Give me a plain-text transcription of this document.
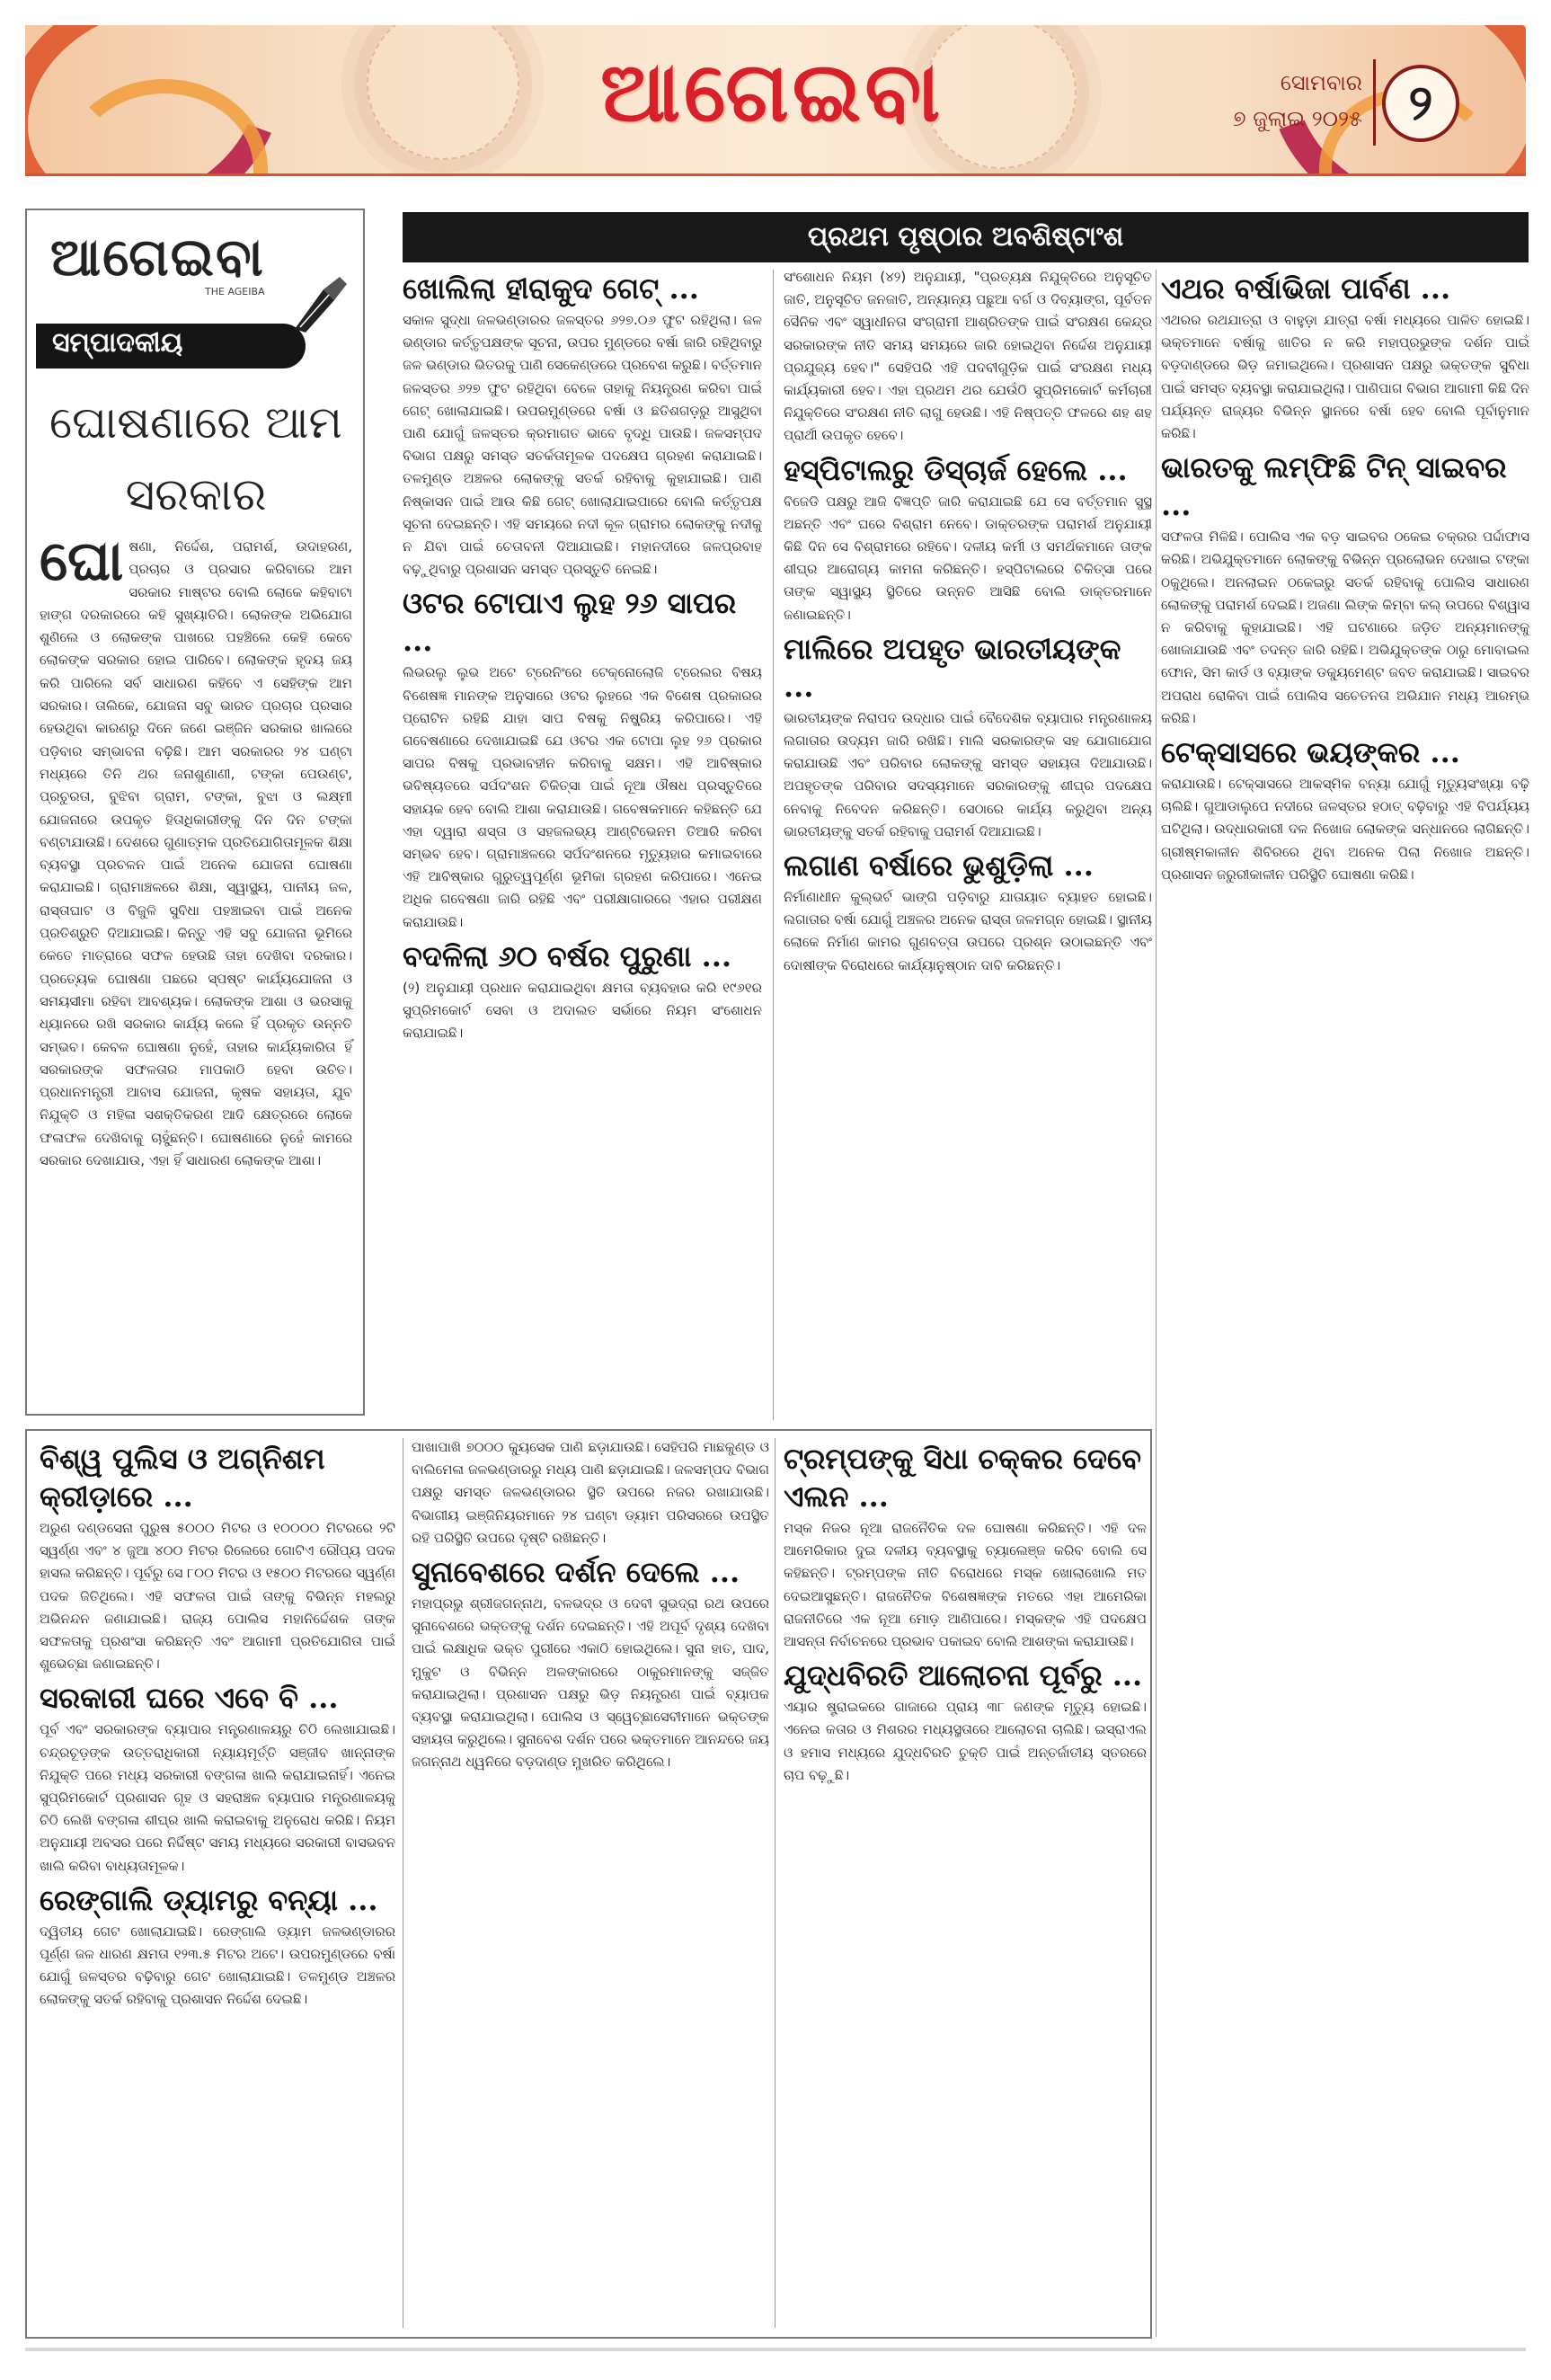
ଆଗେଇବା	ସୋମବାର
୭ ଜୁଲାଇ ୨୦୨୫ ୨
ଆଗେଇବା
THE AGEIBA
ସମ୍ପାଦକୀୟ
ଘୋଷଣାରେ ଆମ ସରକାର
ଘୋ ଷଣା, ନିର୍ଦ୍ଦେଶ, ପରାମର୍ଶ, ଉଦାହରଣ, ପ୍ରଚାର ଓ ପ୍ରସାର କରିବାରେ ଆମ ସରକାର ମାଷ୍ଟର ବୋଲି ଲୋକେ କହିବାଟା ହାଙ୍ଗ ଦରକାରରେ କହି ସୁଖ୍ୟାତିରି। ଲୋକଙ୍କ ଅଭିଯୋଗ ଶୁଣିଲେ ଓ ଲୋକଙ୍କ ପାଖରେ ପହଞ୍ଚିଲେ କେହି କେବେ ଲୋକଙ୍କ ସରକାର ହୋଇ ପାରିବେ। ଲୋକଙ୍କ ହୃଦୟ ଜୟ କରି ପାରିଲେ ସର୍ବ ସାଧାରଣ କହିବେ ଏ ସେହିଙ୍କ ଆମ ସରକାର। ତାଲିକେ, ଯୋଜନା ସବୁ ଭାରତ ପ୍ରଚାର ପ୍ରସାର ହେଉଥିବା କାରଣରୁ ଦିନେ ଜଣେ ଇଞ୍ଜିନ ସରକାର ଖାଲରେ ପଡ଼ିବାର ସମ୍ଭାବନା ବଢ଼ିଛି। ଆମ ସରକାରର ୨୪ ଘଣ୍ଟା ମଧ୍ୟରେ ତିନି ଥର ଜନାଶୁଣାଣୀ, ଟଙ୍କା ପେଉଣ୍ଟ, ପ୍ରଚୁରତା, ବୁଝିବା ଗ୍ରାମ, ଟଙ୍କା, ବୁଝା ଓ ଲକ୍ଷ୍ମୀ ଯୋଜନାରେ ଉପକୃତ ହିତାଧିକାରୀଙ୍କୁ ଦିନ ଦିନ ଟଙ୍କା ବଣ୍ଟାଯାଉଛି। ଦେଶରେ ଗୁଣାତ୍ମକ ପ୍ରତିଯୋଗିତାମୂଳକ ଶିକ୍ଷା ବ୍ୟବସ୍ଥା ପ୍ରଚଳନ ପାଇଁ ଅନେକ ଯୋଜନା ଘୋଷଣା କରାଯାଇଛି। ଗ୍ରାମାଞ୍ଚଳରେ ଶିକ୍ଷା, ସ୍ୱାସ୍ଥ୍ୟ, ପାନୀୟ ଜଳ, ରାସ୍ତାଘାଟ ଓ ବିଜୁଳି ସୁବିଧା ପହଞ୍ଚାଇବା ପାଇଁ ଅନେକ ପ୍ରତିଶ୍ରୁତି ଦିଆଯାଇଛି। କିନ୍ତୁ ଏହି ସବୁ ଯୋଜନା ଭୂମିରେ କେତେ ମାତ୍ରାରେ ସଫଳ ହେଉଛି ତାହା ଦେଖିବା ଦରକାର। ପ୍ରତ୍ୟେକ ଘୋଷଣା ପଛରେ ସ୍ପଷ୍ଟ କାର୍ଯ୍ୟଯୋଜନା ଓ ସମୟସୀମା ରହିବା ଆବଶ୍ୟକ। ଲୋକଙ୍କ ଆଶା ଓ ଭରସାକୁ ଧ୍ୟାନରେ ରଖି ସରକାର କାର୍ଯ୍ୟ କଲେ ହିଁ ପ୍ରକୃତ ଉନ୍ନତି ସମ୍ଭବ। କେବଳ ଘୋଷଣା ନୁହେଁ, ତାହାର କାର୍ଯ୍ୟକାରିତା ହିଁ ସରକାରଙ୍କ ସଫଳତାର ମାପକାଠି ହେବା ଉଚିତ। ପ୍ରଧାନମନ୍ତ୍ରୀ ଆବାସ ଯୋଜନା, କୃଷକ ସହାୟତା, ଯୁବ ନିଯୁକ୍ତି ଓ ମହିଳା ସଶକ୍ତିକରଣ ଆଦି କ୍ଷେତ୍ରରେ ଲୋକେ ଫଳାଫଳ ଦେଖିବାକୁ ଚାହୁଁଛନ୍ତି। ଘୋଷଣାରେ ନୁହେଁ କାମରେ ସରକାର ଦେଖାଯାଉ, ଏହା ହିଁ ସାଧାରଣ ଲୋକଙ୍କ ଆଶା।
ପ୍ରଥମ ପୃଷ୍ଠାର ଅବଶିଷ୍ଟାଂଶ
ଖୋଲିଲା ହୀରାକୁଦ ଗେଟ୍ ...

ସକାଳ ସୁଦ୍ଧା ଜଳଭଣ୍ଡାରର ଜଳସ୍ତର ୬୨୭.୦୬ ଫୁଟ ରହିଥିଲା। ଜଳ ଭଣ୍ଡାର କର୍ତ୍ତୃପକ୍ଷଙ୍କ ସୂଚନା, ଉପର ମୁଣ୍ଡରେ ବର୍ଷା ଜାରି ରହିଥିବାରୁ ଜଳ ଭଣ୍ଡାର ଭିତରକୁ ପାଣି ସେକେଣ୍ଡରେ ପ୍ରବେଶ କରୁଛି। ବର୍ତ୍ତମାନ ଜଳସ୍ତର ୬୨୭ ଫୁଟ ରହିଥିବା ବେଳେ ତାହାକୁ ନିୟନ୍ତ୍ରଣ କରିବା ପାଇଁ ଗେଟ୍ ଖୋଲାଯାଇଛି। ଉପରମୁଣ୍ଡରେ ବର୍ଷା ଓ ଛତିଶଗଡ଼ରୁ ଆସୁଥିବା ପାଣି ଯୋଗୁଁ ଜଳସ୍ତର କ୍ରମାଗତ ଭାବେ ବୃଦ୍ଧି ପାଉଛି। ଜଳସମ୍ପଦ ବିଭାଗ ପକ୍ଷରୁ ସମସ୍ତ ସତର୍କତାମୂଳକ ପଦକ୍ଷେପ ଗ୍ରହଣ କରାଯାଇଛି। ତଳମୁଣ୍ଡ ଅଞ୍ଚଳର ଲୋକଙ୍କୁ ସତର୍କ ରହିବାକୁ କୁହାଯାଇଛି। ପାଣି ନିଷ୍କାସନ ପାଇଁ ଆଉ କିଛି ଗେଟ୍ ଖୋଲାଯାଇପାରେ ବୋଲି କର୍ତ୍ତୃପକ୍ଷ ସୂଚନା ଦେଇଛନ୍ତି। ଏହି ସମୟରେ ନଦୀ କୂଳ ଗ୍ରାମର ଲୋକଙ୍କୁ ନଦୀକୁ ନ ଯିବା ପାଇଁ ଚେତାବନୀ ଦିଆଯାଇଛି। ମହାନଦୀରେ ଜଳପ୍ରବାହ ବଢ଼ୁଥିବାରୁ ପ୍ରଶାସନ ସମସ୍ତ ପ୍ରସ୍ତୁତି ନେଇଛି।

ଓଟର ଟୋପାଏ ଲୁହ ୨୬ ସାପର ...

ଲିଭରଲୁ ଲୁଭ ଅଟେ ଟ୍ରେନିଂରେ ଟେକ୍ନୋଲୋଜି ଟ୍ରେଲର ବିଷୟ ବିଶେଷଜ୍ଞ ମାନଙ୍କ ଅନୁସାରେ ଓଟର ଲୁହରେ ଏକ ବିଶେଷ ପ୍ରକାରର ପ୍ରୋଟିନ ରହିଛି ଯାହା ସାପ ବିଷକୁ ନିଷ୍କ୍ରିୟ କରିପାରେ। ଏହି ଗବେଷଣାରେ ଦେଖାଯାଇଛି ଯେ ଓଟର ଏକ ଟୋପା ଲୁହ ୨୬ ପ୍ରକାର ସାପର ବିଷକୁ ପ୍ରଭାବହୀନ କରିବାକୁ ସକ୍ଷମ। ଏହି ଆବିଷ୍କାର ଭବିଷ୍ୟତରେ ସର୍ପଦଂଶନ ଚିକିତ୍ସା ପାଇଁ ନୂଆ ଔଷଧ ପ୍ରସ୍ତୁତିରେ ସହାୟକ ହେବ ବୋଲି ଆଶା କରାଯାଉଛି। ଗବେଷକମାନେ କହିଛନ୍ତି ଯେ ଏହା ଦ୍ୱାରା ଶସ୍ତା ଓ ସହଜଲଭ୍ୟ ଆଣ୍ଟିଭେନମ ତିଆରି କରିବା ସମ୍ଭବ ହେବ। ଗ୍ରାମାଞ୍ଚଳରେ ସର୍ପଦଂଶନରେ ମୃତ୍ୟୁହାର କମାଇବାରେ ଏହି ଆବିଷ୍କାର ଗୁରୁତ୍ୱପୂର୍ଣ୍ଣ ଭୂମିକା ଗ୍ରହଣ କରିପାରେ। ଏନେଇ ଅଧିକ ଗବେଷଣା ଜାରି ରହିଛି ଏବଂ ପରୀକ୍ଷାଗାରରେ ଏହାର ପରୀକ୍ଷଣ କରାଯାଉଛି।

ବଦଳିଲା ୬୦ ବର୍ଷର ପୁରୁଣା ...

(୨) ଅନୁଯାୟୀ ପ୍ରଧାନ କରାଯାଇଥିବା କ୍ଷମତା ବ୍ୟବହାର କରି ୧୯୬୧ର ସୁପ୍ରିମକୋର୍ଟ ସେବା ଓ ଅଦାଲତ ସର୍ଭାରେ ନିୟମ ସଂଶୋଧନ କରାଯାଇଛି।

ସଂଶୋଧନ ନିୟମ (୪୨) ଅନୁଯାୟୀ, "ପ୍ରତ୍ୟକ୍ଷ ନିଯୁକ୍ତିରେ ଅନୁସୂଚିତ ଜାତି, ଅନୁସୂଚିତ ଜନଜାତି, ଅନ୍ୟାନ୍ୟ ପଛୁଆ ବର୍ଗ ଓ ଦିବ୍ୟାଙ୍ଗ, ପୂର୍ବତନ ସୈନିକ ଏବଂ ସ୍ୱାଧୀନତା ସଂଗ୍ରାମୀ ଆଶ୍ରିତଙ୍କ ପାଇଁ ସଂରକ୍ଷଣ କେନ୍ଦ୍ର ସରକାରଙ୍କ ନୀତି ସମୟ ସମୟରେ ଜାରି ହୋଇଥିବା ନିର୍ଦ୍ଦେଶ ଅନୁଯାୟୀ ପ୍ରଯୁଜ୍ୟ ହେବ।" ସେହିପରି ଏହି ପଦବୀଗୁଡ଼ିକ ପାଇଁ ସଂରକ୍ଷଣ ମଧ୍ୟ କାର୍ଯ୍ୟକାରୀ ହେବ। ଏହା ପ୍ରଥମ ଥର ଯେଉଁଠି ସୁପ୍ରିମକୋର୍ଟ କର୍ମଚାରୀ ନିଯୁକ୍ତିରେ ସଂରକ୍ଷଣ ନୀତି ଲାଗୁ ହେଉଛି। ଏହି ନିଷ୍ପତ୍ତି ଫଳରେ ଶହ ଶହ ପ୍ରାର୍ଥୀ ଉପକୃତ ହେବେ।

ହସ୍ପିଟାଲରୁ ଡିସ୍‌ଚାର୍ଜ ହେଲେ ...

ବିଜେଡି ପକ୍ଷରୁ ଆଜି ବିଜ୍ଞପ୍ତି ଜାରି କରାଯାଇଛି ଯେ ସେ ବର୍ତ୍ତମାନ ସୁସ୍ଥ ଅଛନ୍ତି ଏବଂ ଘରେ ବିଶ୍ରାମ ନେବେ। ଡାକ୍ତରଙ୍କ ପରାମର୍ଶ ଅନୁଯାୟୀ କିଛି ଦିନ ସେ ବିଶ୍ରାମରେ ରହିବେ। ଦଳୀୟ କର୍ମୀ ଓ ସମର୍ଥକମାନେ ତାଙ୍କ ଶୀଘ୍ର ଆରୋଗ୍ୟ କାମନା କରିଛନ୍ତି। ହସ୍ପିଟାଲରେ ଚିକିତ୍ସା ପରେ ତାଙ୍କ ସ୍ୱାସ୍ଥ୍ୟ ସ୍ଥିତିରେ ଉନ୍ନତି ଆସିଛି ବୋଲି ଡାକ୍ତରମାନେ ଜଣାଇଛନ୍ତି।

ମାଲିରେ ଅପହୃତ ଭାରତୀୟଙ୍କ ...

ଭାରତୀୟଙ୍କ ନିରାପଦ ଉଦ୍ଧାର ପାଇଁ ବୈଦେଶିକ ବ୍ୟାପାର ମନ୍ତ୍ରଣାଳୟ ଲଗାତାର ଉଦ୍ୟମ ଜାରି ରଖିଛି। ମାଲି ସରକାରଙ୍କ ସହ ଯୋଗାଯୋଗ କରାଯାଉଛି ଏବଂ ପରିବାର ଲୋକଙ୍କୁ ସମସ୍ତ ସହାୟତା ଦିଆଯାଉଛି। ଅପହୃତଙ୍କ ପରିବାର ସଦସ୍ୟମାନେ ସରକାରଙ୍କୁ ଶୀଘ୍ର ପଦକ୍ଷେପ ନେବାକୁ ନିବେଦନ କରିଛନ୍ତି। ସେଠାରେ କାର୍ଯ୍ୟ କରୁଥିବା ଅନ୍ୟ ଭାରତୀୟଙ୍କୁ ସତର୍କ ରହିବାକୁ ପରାମର୍ଶ ଦିଆଯାଇଛି।

ଲଗାଣ ବର୍ଷାରେ ଭୁଶୁଡ଼ିଲା ...

ନିର୍ମାଣାଧୀନ କୁଲ୍ଭର୍ଟ ଭାଙ୍ଗି ପଡ଼ିବାରୁ ଯାତାୟାତ ବ୍ୟାହତ ହୋଇଛି। ଲଗାତାର ବର୍ଷା ଯୋଗୁଁ ଅଞ୍ଚଳର ଅନେକ ରାସ୍ତା ଜଳମଗ୍ନ ହୋଇଛି। ସ୍ଥାନୀୟ ଲୋକେ ନିର୍ମାଣ କାମର ଗୁଣବତ୍ତା ଉପରେ ପ୍ରଶ୍ନ ଉଠାଇଛନ୍ତି ଏବଂ ଦୋଷୀଙ୍କ ବିରୋଧରେ କାର୍ଯ୍ୟାନୁଷ୍ଠାନ ଦାବି କରିଛନ୍ତି।

ଏଥର ବର୍ଷାଭିଜା ପାର୍ବଣ ...

ଏଥରର ରଥଯାତ୍ରା ଓ ବାହୁଡ଼ା ଯାତ୍ରା ବର୍ଷା ମଧ୍ୟରେ ପାଳିତ ହୋଇଛି। ଭକ୍ତମାନେ ବର୍ଷାକୁ ଖାତିର ନ କରି ମହାପ୍ରଭୁଙ୍କ ଦର୍ଶନ ପାଇଁ ବଡ଼ଦାଣ୍ଡରେ ଭିଡ଼ ଜମାଇଥିଲେ। ପ୍ରଶାସନ ପକ୍ଷରୁ ଭକ୍ତଙ୍କ ସୁବିଧା ପାଇଁ ସମସ୍ତ ବ୍ୟବସ୍ଥା କରାଯାଇଥିଲା। ପାଣିପାଗ ବିଭାଗ ଆଗାମୀ କିଛି ଦିନ ପର୍ଯ୍ୟନ୍ତ ରାଜ୍ୟର ବିଭିନ୍ନ ସ୍ଥାନରେ ବର୍ଷା ହେବ ବୋଲି ପୂର୍ବାନୁମାନ କରିଛି।

ଭାରତକୁ ଲମ୍ଫିଛି ଟିନ୍ ସାଇବର ...

ସଫଳତା ମିଳିଛି। ପୋଲିସ ଏକ ବଡ଼ ସାଇବର ଠକେଇ ଚକ୍ରର ପର୍ଦ୍ଦାଫାସ କରିଛି। ଅଭିଯୁକ୍ତମାନେ ଲୋକଙ୍କୁ ବିଭିନ୍ନ ପ୍ରଲୋଭନ ଦେଖାଇ ଟଙ୍କା ଠକୁଥିଲେ। ଅନଲାଇନ ଠକେଇରୁ ସତର୍କ ରହିବାକୁ ପୋଲିସ ସାଧାରଣ ଲୋକଙ୍କୁ ପରାମର୍ଶ ଦେଇଛି। ଅଜଣା ଲିଙ୍କ କିମ୍ବା କଲ୍ ଉପରେ ବିଶ୍ୱାସ ନ କରିବାକୁ କୁହାଯାଇଛି। ଏହି ଘଟଣାରେ ଜଡ଼ିତ ଅନ୍ୟମାନଙ୍କୁ ଖୋଜାଯାଉଛି ଏବଂ ତଦନ୍ତ ଜାରି ରହିଛି। ଅଭିଯୁକ୍ତଙ୍କ ଠାରୁ ମୋବାଇଲ ଫୋନ, ସିମ କାର୍ଡ ଓ ବ୍ୟାଙ୍କ ଡକ୍ୟୁମେଣ୍ଟ ଜବତ କରାଯାଇଛି। ସାଇବର ଅପରାଧ ରୋକିବା ପାଇଁ ପୋଲିସ ସଚେତନତା ଅଭିଯାନ ମଧ୍ୟ ଆରମ୍ଭ କରିଛି।

ଟେକ୍ସାସରେ ଭୟଙ୍କର ...

କରାଯାଉଛି। ଟେକ୍ସାସରେ ଆକସ୍ମିକ ବନ୍ୟା ଯୋଗୁଁ ମୃତ୍ୟୁସଂଖ୍ୟା ବଢ଼ି ଚାଲିଛି। ଗୁଆଡାଲୁପେ ନଦୀରେ ଜଳସ୍ତର ହଠାତ୍ ବଢ଼ିବାରୁ ଏହି ବିପର୍ଯ୍ୟୟ ଘଟିଥିଲା। ଉଦ୍ଧାରକାରୀ ଦଳ ନିଖୋଜ ଲୋକଙ୍କ ସନ୍ଧାନରେ ଲାଗିଛନ୍ତି। ଗ୍ରୀଷ୍ମକାଳୀନ ଶିବିରରେ ଥିବା ଅନେକ ପିଲା ନିଖୋଜ ଅଛନ୍ତି। ପ୍ରଶାସନ ଜରୁରୀକାଳୀନ ପରିସ୍ଥିତି ଘୋଷଣା କରିଛି।

ବିଶ୍ୱ ପୁଲିସ ଓ ଅଗ୍ନିଶମ କ୍ରୀଡ଼ାରେ ...

ଅରୁଣ ଦଣ୍ଡସେନା ପୁରୁଷ ୫୦୦୦ ମିଟର ଓ ୧୦୦୦୦ ମିଟରରେ ୨ଟି ସ୍ୱର୍ଣ୍ଣ ଏବଂ ୪ ଜୁଆ ୪୦୦ ମିଟର ରିଲେରେ ଗୋଟିଏ ରୌପ୍ୟ ପଦକ ହାସଲ କରିଛନ୍ତି। ପୂର୍ବରୁ ସେ ୮୦୦ ମିଟର ଓ ୧୫୦୦ ମିଟରରେ ସ୍ୱର୍ଣ୍ଣ ପଦକ ଜିତିଥିଲେ। ଏହି ସଫଳତା ପାଇଁ ତାଙ୍କୁ ବିଭିନ୍ନ ମହଲରୁ ଅଭିନନ୍ଦନ ଜଣାଯାଇଛି। ରାଜ୍ୟ ପୋଲିସ ମହାନିର୍ଦ୍ଦେଶକ ତାଙ୍କ ସଫଳତାକୁ ପ୍ରଶଂସା କରିଛନ୍ତି ଏବଂ ଆଗାମୀ ପ୍ରତିଯୋଗିତା ପାଇଁ ଶୁଭେଚ୍ଛା ଜଣାଇଛନ୍ତି।

ସରକାରୀ ଘରେ ଏବେ ବି ...

ପୂର୍ବ ଏବଂ ସରକାରଙ୍କ ବ୍ୟାପାର ମନ୍ତ୍ରଣାଳୟରୁ ଚିଠି ଲେଖାଯାଇଛି। ଚନ୍ଦ୍ରଚୂଡ଼ଙ୍କ ଉତ୍ତରାଧିକାରୀ ନ୍ୟାୟମୂର୍ତ୍ତି ସଞ୍ଜୀବ ଖାନ୍ନାଙ୍କ ନିଯୁକ୍ତି ପରେ ମଧ୍ୟ ସରକାରୀ ବଙ୍ଗଳା ଖାଲି କରାଯାଇନାହିଁ। ଏନେଇ ସୁପ୍ରିମକୋର୍ଟ ପ୍ରଶାସନ ଗୃହ ଓ ସହରାଞ୍ଚଳ ବ୍ୟାପାର ମନ୍ତ୍ରଣାଳୟକୁ ଚିଠି ଲେଖି ବଙ୍ଗଳା ଶୀଘ୍ର ଖାଲି କରାଇବାକୁ ଅନୁରୋଧ କରିଛି। ନିୟମ ଅନୁଯାୟୀ ଅବସର ପରେ ନିର୍ଦ୍ଦିଷ୍ଟ ସମୟ ମଧ୍ୟରେ ସରକାରୀ ବାସଭବନ ଖାଲି କରିବା ବାଧ୍ୟତାମୂଳକ।

ରେଙ୍ଗାଲି ଡ୍ୟାମରୁ ବନ୍ୟା ...

ଦ୍ୱିତୀୟ ଗେଟ ଖୋଲାଯାଇଛି। ରେଙ୍ଗାଲି ଡ୍ୟାମ ଜଳଭଣ୍ଡାରର ପୂର୍ଣ୍ଣ ଜଳ ଧାରଣ କ୍ଷମତା ୧୨୩.୫ ମିଟର ଅଟେ। ଉପରମୁଣ୍ଡରେ ବର୍ଷା ଯୋଗୁଁ ଜଳସ୍ତର ବଢ଼ିବାରୁ ଗେଟ ଖୋଲାଯାଇଛି। ତଳମୁଣ୍ଡ ଅଞ୍ଚଳର ଲୋକଙ୍କୁ ସତର୍କ ରହିବାକୁ ପ୍ରଶାସନ ନିର୍ଦ୍ଦେଶ ଦେଇଛି।

ପାଖାପାଖି ୭୦୦୦ କ୍ୟୁସେକ ପାଣି ଛଡ଼ାଯାଉଛି। ସେହିପରି ମାଛକୁଣ୍ଡ ଓ ବାଲିମେଳା ଜଳଭଣ୍ଡାରରୁ ମଧ୍ୟ ପାଣି ଛଡ଼ାଯାଇଛି। ଜଳସମ୍ପଦ ବିଭାଗ ପକ୍ଷରୁ ସମସ୍ତ ଜଳଭଣ୍ଡାରର ସ୍ଥିତି ଉପରେ ନଜର ରଖାଯାଉଛି। ବିଭାଗୀୟ ଇଞ୍ଜିନିୟରମାନେ ୨୪ ଘଣ୍ଟା ଡ୍ୟାମ ପରିସରରେ ଉପସ୍ଥିତ ରହି ପରିସ୍ଥିତି ଉପରେ ଦୃଷ୍ଟି ରଖିଛନ୍ତି।

ସୁନାବେଶରେ ଦର୍ଶନ ଦେଲେ ...

ମହାପ୍ରଭୁ ଶ୍ରୀଜଗନ୍ନାଥ, ବଳଭଦ୍ର ଓ ଦେବୀ ସୁଭଦ୍ରା ରଥ ଉପରେ ସୁନାବେଶରେ ଭକ୍ତଙ୍କୁ ଦର୍ଶନ ଦେଇଛନ୍ତି। ଏହି ଅପୂର୍ବ ଦୃଶ୍ୟ ଦେଖିବା ପାଇଁ ଲକ୍ଷାଧିକ ଭକ୍ତ ପୁରୀରେ ଏକାଠି ହୋଇଥିଲେ। ସୁନା ହାତ, ପାଦ, ମୁକୁଟ ଓ ବିଭିନ୍ନ ଅଳଙ୍କାରରେ ଠାକୁରମାନଙ୍କୁ ସଜ୍ଜିତ କରାଯାଇଥିଲା। ପ୍ରଶାସନ ପକ୍ଷରୁ ଭିଡ଼ ନିୟନ୍ତ୍ରଣ ପାଇଁ ବ୍ୟାପକ ବ୍ୟବସ୍ଥା କରାଯାଇଥିଲା। ପୋଲିସ ଓ ସ୍ୱେଚ୍ଛାସେବୀମାନେ ଭକ୍ତଙ୍କ ସହାୟତା କରୁଥିଲେ। ସୁନାବେଶ ଦର୍ଶନ ପରେ ଭକ୍ତମାନେ ଆନନ୍ଦରେ ଜୟ ଜଗନ୍ନାଥ ଧ୍ୱନିରେ ବଡ଼ଦାଣ୍ଡ ମୁଖରିତ କରିଥିଲେ।

ଟ୍ରମ୍ପଙ୍କୁ ସିଧା ଚକ୍କର ଦେବେ ଏଲନ ...

ମସ୍କ ନିଜର ନୂଆ ରାଜନୈତିକ ଦଳ ଘୋଷଣା କରିଛନ୍ତି। ଏହି ଦଳ ଆମେରିକାର ଦୁଇ ଦଳୀୟ ବ୍ୟବସ୍ଥାକୁ ଚ୍ୟାଲେଞ୍ଜ କରିବ ବୋଲି ସେ କହିଛନ୍ତି। ଟ୍ରମ୍ପଙ୍କ ନୀତି ବିରୋଧରେ ମସ୍କ ଖୋଲାଖୋଲି ମତ ଦେଇଆସୁଛନ୍ତି। ରାଜନୈତିକ ବିଶେଷଜ୍ଞଙ୍କ ମତରେ ଏହା ଆମେରିକା ରାଜନୀତିରେ ଏକ ନୂଆ ମୋଡ଼ ଆଣିପାରେ। ମସ୍କଙ୍କ ଏହି ପଦକ୍ଷେପ ଆସନ୍ତା ନିର୍ବାଚନରେ ପ୍ରଭାବ ପକାଇବ ବୋଲି ଆଶଙ୍କା କରାଯାଉଛି।

ଯୁଦ୍ଧବିରତି ଆଲୋଚନା ପୂର୍ବରୁ ...

ଏୟାର ଷ୍ଟ୍ରାଇକରେ ଗାଜାରେ ପ୍ରାୟ ୩୮ ଜଣଙ୍କ ମୃତ୍ୟୁ ହୋଇଛି। ଏନେଇ କତାର ଓ ମିଶରର ମଧ୍ୟସ୍ଥତାରେ ଆଲୋଚନା ଚାଲିଛି। ଇସ୍ରାଏଲ ଓ ହମାସ ମଧ୍ୟରେ ଯୁଦ୍ଧବିରତି ଚୁକ୍ତି ପାଇଁ ଅନ୍ତର୍ଜାତୀୟ ସ୍ତରରେ ଚାପ ବଢ଼ୁଛି।
